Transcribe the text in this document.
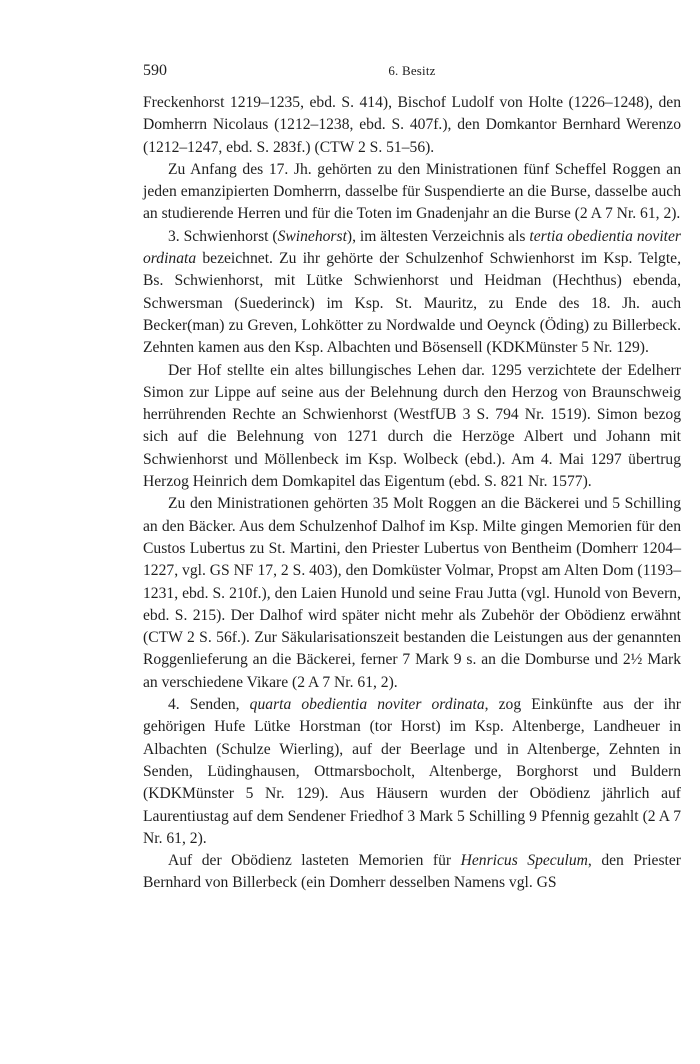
590	6. Besitz

Freckenhorst 1219–1235, ebd. S. 414), Bischof Ludolf von Holte (1226–1248), den Domherrn Nicolaus (1212–1238, ebd. S. 407f.), den Domkantor Bernhard Werenzo (1212–1247, ebd. S. 283f.) (CTW 2 S. 51–56).

Zu Anfang des 17. Jh. gehörten zu den Ministrationen fünf Scheffel Roggen an jeden emanzipierten Domherrn, dasselbe für Suspendierte an die Burse, dasselbe auch an studierende Herren und für die Toten im Gnadenjahr an die Burse (2 A 7 Nr. 61, 2).

3. Schwienhorst (Swinehorst), im ältesten Verzeichnis als tertia obedientia noviter ordinata bezeichnet. Zu ihr gehörte der Schulzenhof Schwienhorst im Ksp. Telgte, Bs. Schwienhorst, mit Lütke Schwienhorst und Heidman (Hechthus) ebenda, Schwersman (Suederinck) im Ksp. St. Mauritz, zu Ende des 18. Jh. auch Becker(man) zu Greven, Lohkötter zu Nordwalde und Oeynck (Öding) zu Billerbeck. Zehnten kamen aus den Ksp. Albachten und Bösensell (KDKMünster 5 Nr. 129).

Der Hof stellte ein altes billungisches Lehen dar. 1295 verzichtete der Edelherr Simon zur Lippe auf seine aus der Belehnung durch den Herzog von Braunschweig herrührenden Rechte an Schwienhorst (WestfUB 3 S. 794 Nr. 1519). Simon bezog sich auf die Belehnung von 1271 durch die Herzöge Albert und Johann mit Schwienhorst und Möllenbeck im Ksp. Wolbeck (ebd.). Am 4. Mai 1297 übertrug Herzog Heinrich dem Domkapitel das Eigentum (ebd. S. 821 Nr. 1577).

Zu den Ministrationen gehörten 35 Molt Roggen an die Bäckerei und 5 Schilling an den Bäcker. Aus dem Schulzenhof Dalhof im Ksp. Milte gingen Memorien für den Custos Lubertus zu St. Martini, den Priester Lubertus von Bentheim (Domherr 1204–1227, vgl. GS NF 17, 2 S. 403), den Domküster Volmar, Propst am Alten Dom (1193–1231, ebd. S. 210f.), den Laien Hunold und seine Frau Jutta (vgl. Hunold von Bevern, ebd. S. 215). Der Dalhof wird später nicht mehr als Zubehör der Obödienz erwähnt (CTW 2 S. 56f.). Zur Säkularisationszeit bestanden die Leistungen aus der genannten Roggenlieferung an die Bäckerei, ferner 7 Mark 9 s. an die Domburse und 2½ Mark an verschiedene Vikare (2 A 7 Nr. 61, 2).

4. Senden, quarta obedientia noviter ordinata, zog Einkünfte aus der ihr gehörigen Hufe Lütke Horstman (tor Horst) im Ksp. Altenberge, Landheuer in Albachten (Schulze Wierling), auf der Beerlage und in Altenberge, Zehnten in Senden, Lüdinghausen, Ottmarsbocholt, Altenberge, Borghorst und Buldern (KDKMünster 5 Nr. 129). Aus Häusern wurden der Obödienz jährlich auf Laurentiustag auf dem Sendener Friedhof 3 Mark 5 Schilling 9 Pfennig gezahlt (2 A 7 Nr. 61, 2).

Auf der Obödienz lasteten Memorien für Henricus Speculum, den Priester Bernhard von Billerbeck (ein Domherr desselben Namens vgl. GS
